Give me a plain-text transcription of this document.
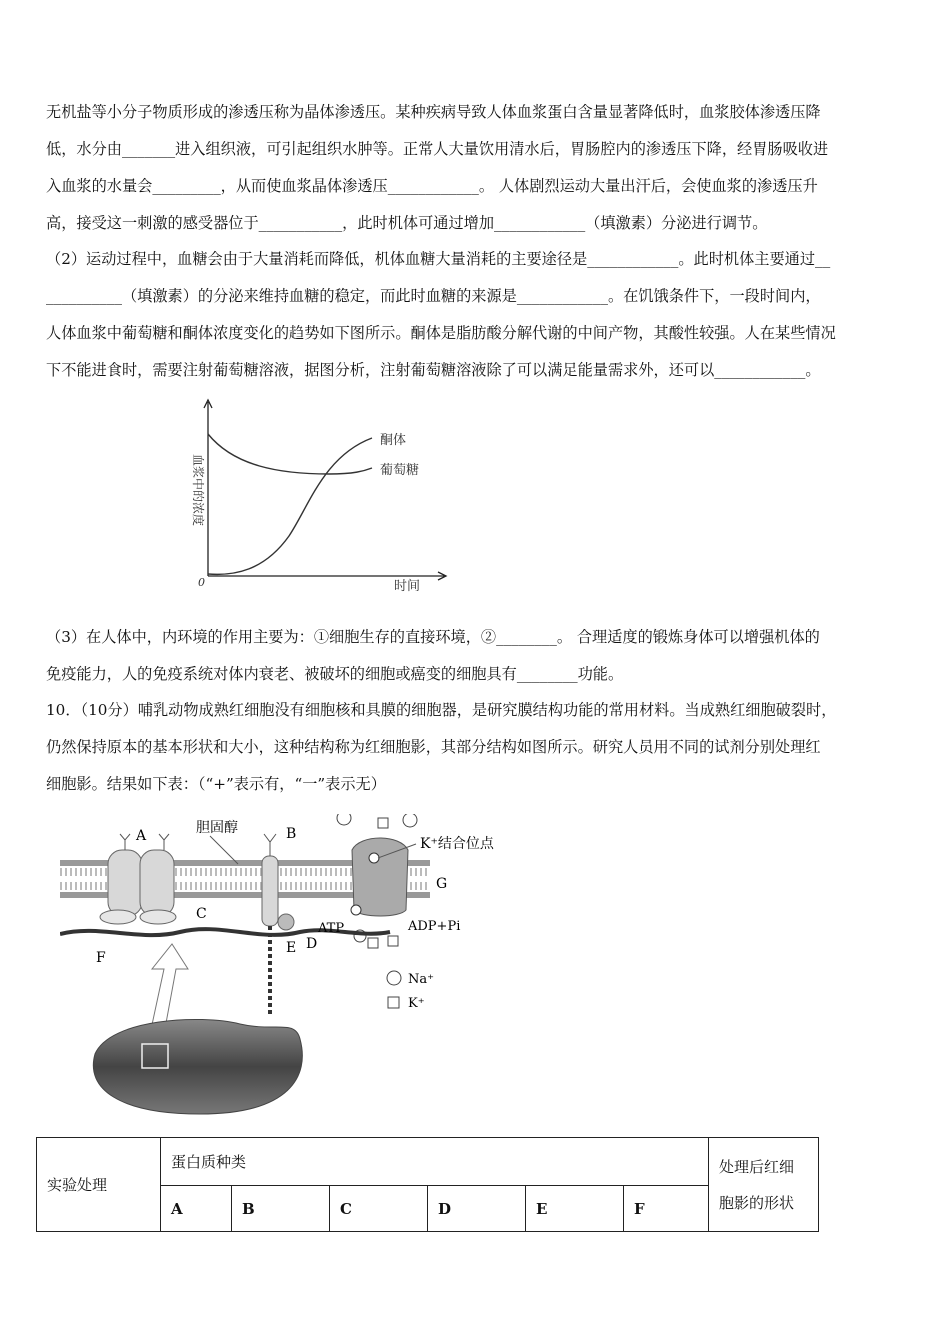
无机盐等小分子物质形成的渗透压称为晶体渗透压。某种疾病导致人体血浆蛋白含量显著降低时，血浆胶体渗透压降
低，水分由_______进入组织液，可引起组织水肿等。正常人大量饮用清水后，胃肠腔内的渗透压下降，经胃肠吸收进
入血浆的水量会_________，从而使血浆晶体渗透压____________。 人体剧烈运动大量出汗后，会使血浆的渗透压升
高，接受这一刺激的感受器位于___________，此时机体可通过增加____________（填激素）分泌进行调节。
（2）运动过程中，血糖会由于大量消耗而降低，机体血糖大量消耗的主要途径是____________。此时机体主要通过__
__________（填激素）的分泌来维持血糖的稳定，而此时血糖的来源是____________。在饥饿条件下，一段时间内，
人体血浆中葡萄糖和酮体浓度变化的趋势如下图所示。酮体是脂肪酸分解代谢的中间产物，其酸性较强。人在某些情况
下不能进食时，需要注射葡萄糖溶液，据图分析，注射葡萄糖溶液除了可以满足能量需求外，还可以____________。
酮体
葡萄糖
0	时间
血浆中的浓度
（3）在人体中，内环境的作用主要为：①细胞生存的直接环境，②________。 合理适度的锻炼身体可以增强机体的
免疫能力，人的免疫系统对体内衰老、被破坏的细胞或癌变的细胞具有________功能。
10．（10分）哺乳动物成熟红细胞没有细胞核和具膜的细胞器，是研究膜结构功能的常用材料。当成熟红细胞破裂时，
仍然保持原本的基本形状和大小，这种结构称为红细胞影，其部分结构如图所示。研究人员用不同的试剂分别处理红
细胞影。结果如下表：（“+”表示有，“一”表示无）
A	胆固醇	B
K⁺结合位点
G
C
ATP	ADP+Pi
D
E
F
Na⁺
K⁺
实验处理	蛋白质种类						处理后红细
胞影的形状
	A	B	C	D	E	F	
